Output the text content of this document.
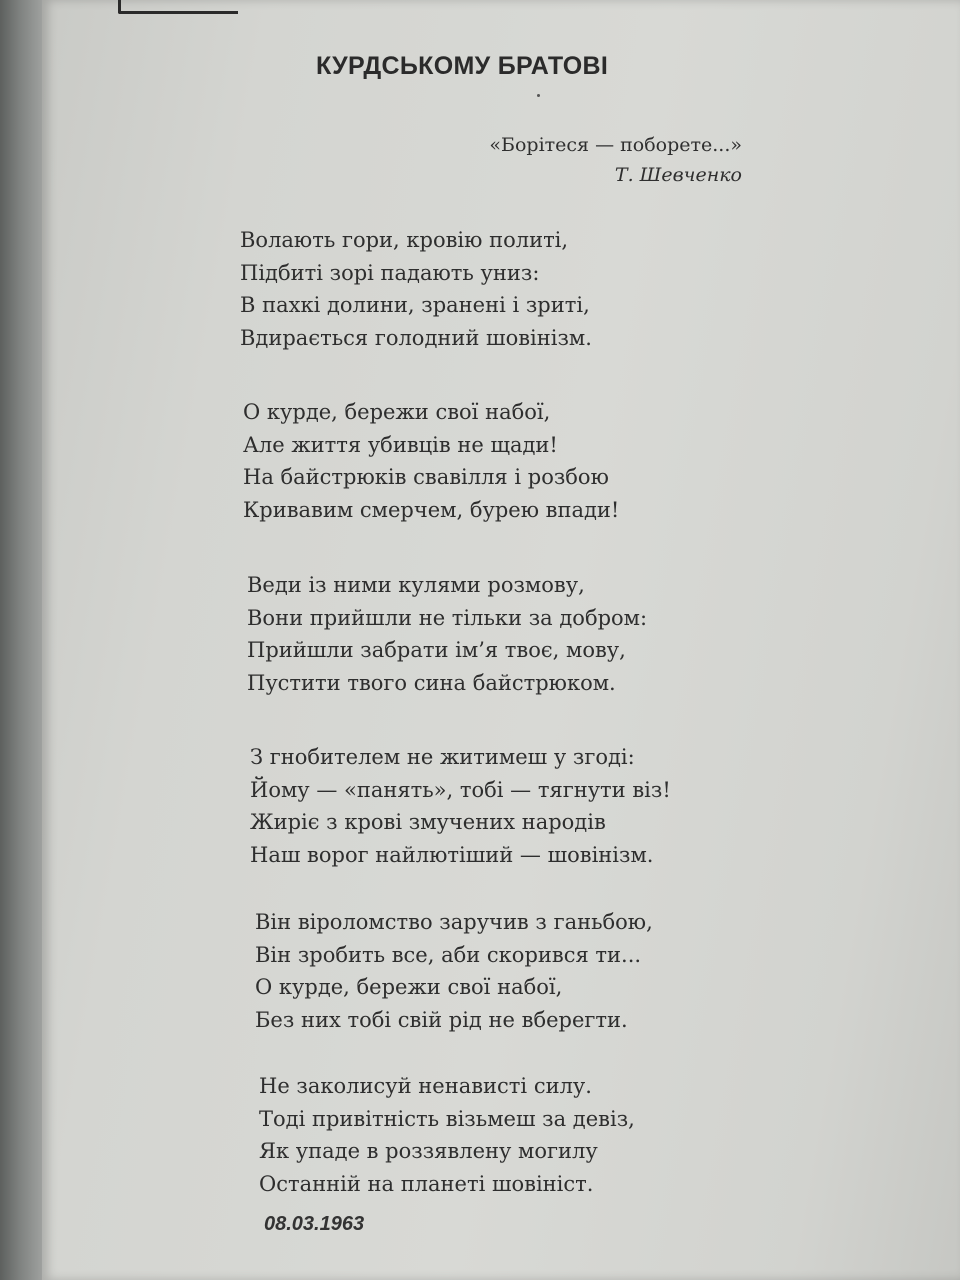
КУРДСЬКОМУ БРАТОВІ
«Борітеся — поборете...»
Т. Шевченко
Волають гори, кровію политі,
Підбиті зорі падають униз:
В пахкі долини, зранені і зриті,
Вдирається голодний шовінізм.
О курде, бережи свої набої,
Але життя убивців не щади!
На байстрюків свавілля і розбою
Кривавим смерчем, бурею впади!
Веди із ними кулями розмову,
Вони прийшли не тільки за добром:
Прийшли забрати ім’я твоє, мову,
Пустити твого сина байстрюком.
З гнобителем не житимеш у згоді:
Йому — «панять», тобі — тягнути віз!
Жиріє з крові змучених народів
Наш ворог найлютіший — шовінізм.
Він віроломство заручив з ганьбою,
Він зробить все, аби скорився ти...
О курде, бережи свої набої,
Без них тобі свій рід не вберегти.
Не заколисуй ненависті силу.
Тоді привітність візьмеш за девіз,
Як упаде в роззявлену могилу
Останній на планеті шовініст.
08.03.1963
